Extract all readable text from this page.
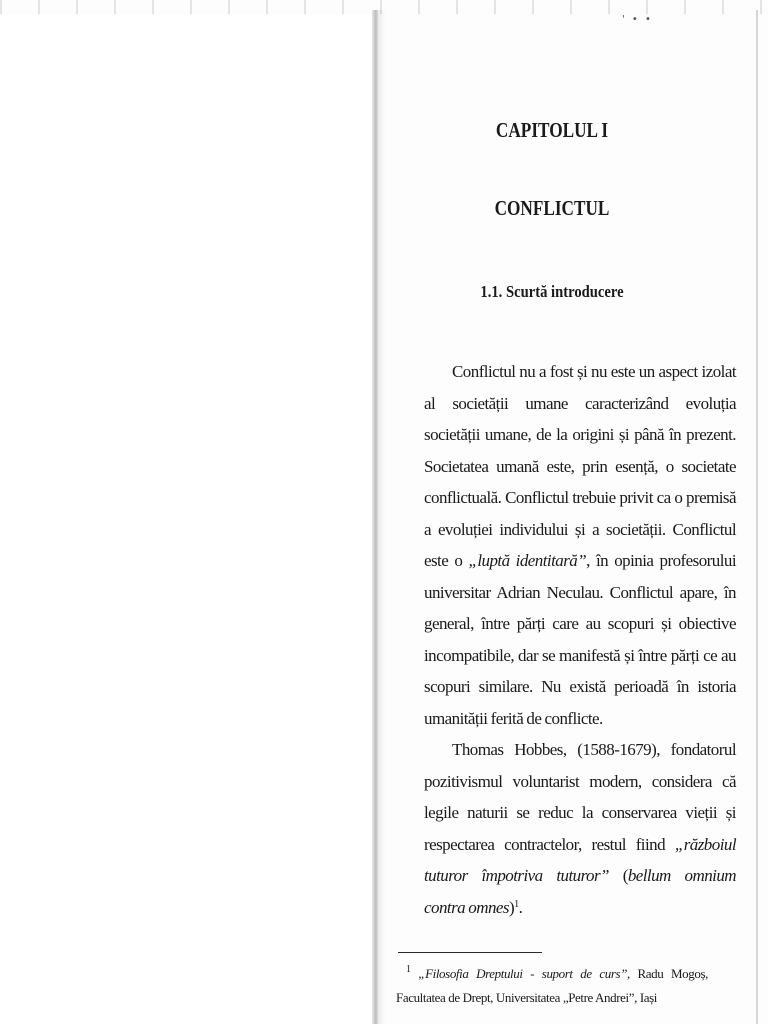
' • •
CAPITOLUL I
CONFLICTUL
1.1. Scurtă introducere

Conflictul nu a fost și nu este un aspect izolat al societății umane caracterizând evoluția societății umane, de la origini și până în prezent. Societatea umană este, prin esență, o societate conflictuală. Conflictul trebuie privit ca o premisă a evoluției individului și a societății. Conflictul este o „luptă identitară”, în opinia profesorului universitar Adrian Neculau. Conflictul apare, în general, între părți care au scopuri și obiective incompatibile, dar se manifestă și între părți ce au scopuri similare. Nu există perioadă în istoria umanității ferită de conflicte.

Thomas Hobbes, (1588-1679), fondatorul pozitivismul voluntarist modern, considera că legile naturii se reduc la conservarea vieții și respectarea contractelor, restul fiind „războiul tuturor împotriva tuturor” (bellum omnium contra omnes)$^1$.

$^1$ „Filosofia Dreptului - suport de curs”, Radu Mogoș, Facultatea de Drept, Universitatea „Petre Andrei”, Iași
